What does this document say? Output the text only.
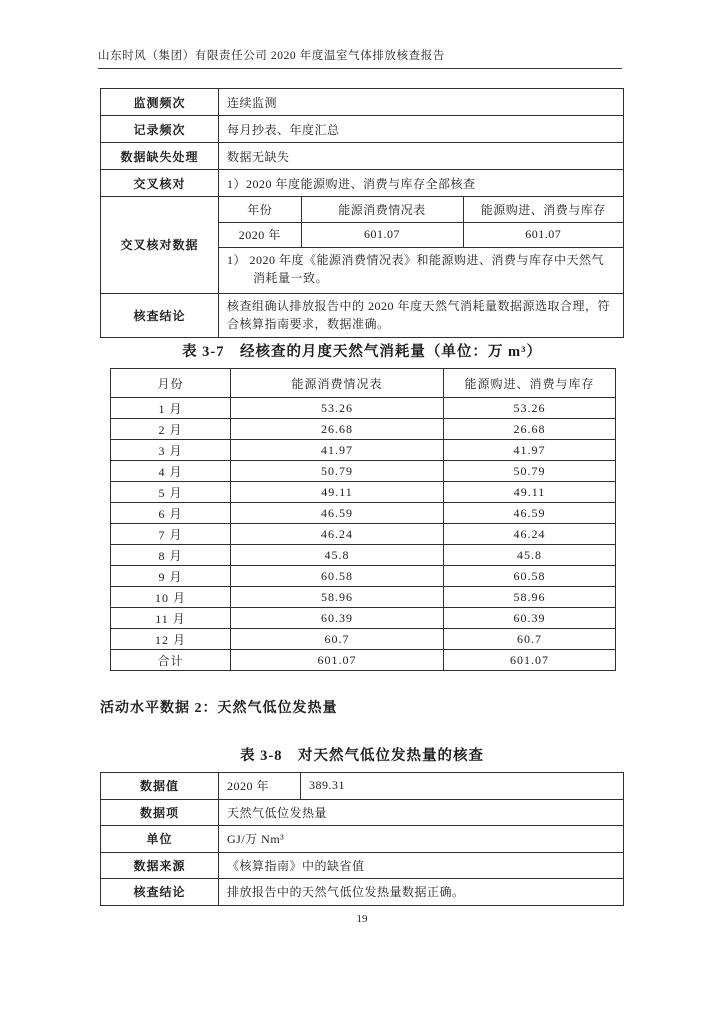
山东时风（集团）有限责任公司 2020 年度温室气体排放核查报告
监测频次	连续监测
记录频次	每月抄表、年度汇总
数据缺失处理	数据无缺失
交叉核对	1）2020 年度能源购进、消费与库存全部核查
交叉核对数据	
年份	能源消费情况表	能源购进、消费与库存
2020 年	601.07	601.07
1） 2020 年度《能源消费情况表》和能源购进、消费与库存中天然气消耗量一致。

核查结论	核查组确认排放报告中的 2020 年度天然气消耗量数据源选取合理，符合核算指南要求，数据准确。
表 3-7　经核查的月度天然气消耗量（单位：万 m³）
月份	能源消费情况表	能源购进、消费与库存
1 月	53.26	53.26
2 月	26.68	26.68
3 月	41.97	41.97
4 月	50.79	50.79
5 月	49.11	49.11
6 月	46.59	46.59
7 月	46.24	46.24
8 月	45.8	45.8
9 月	60.58	60.58
10 月	58.96	58.96
11 月	60.39	60.39
12 月	60.7	60.7
合计	601.07	601.07
活动水平数据 2：天然气低位发热量
表 3-8　对天然气低位发热量的核查
数据值	2020 年	389.31
数据项	天然气低位发热量	
单位	GJ/万 Nm³	
数据来源	《核算指南》中的缺省值	
核查结论	排放报告中的天然气低位发热量数据正确。	
19
